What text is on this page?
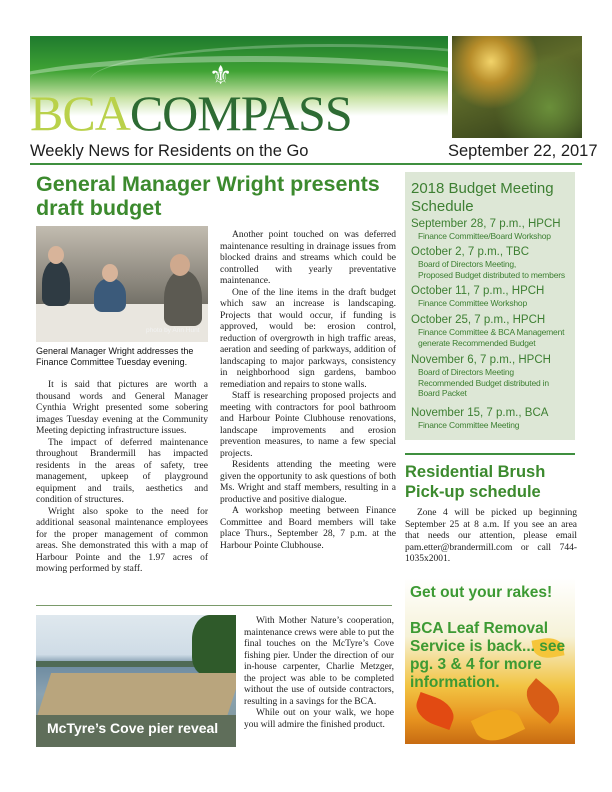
BCACOMPASS
⚜
Weekly News for Residents on the Go	September 22, 2017
General Manager Wright presents draft budget
photo by Ann Hunt
General Manager Wright addresses the Finance Committee Tuesday evening.

It is said that pictures are worth a thousand words and General Manager Cynthia Wright presented some sobering images Tuesday evening at the Community Meeting depicting infrastructure issues.

The impact of deferred maintenance throughout Brandermill has impacted residents in the areas of safety, tree management, upkeep of playground equipment and trails, aesthetics and condition of structures.

Wright also spoke to the need for additional seasonal maintenance employees for the proper management of common areas. She demonstrated this with a map of Harbour Pointe and the 1.97 acres of mowing performed by staff.

Another point touched on was deferred maintenance resulting in drainage issues from blocked drains and streams which could be controlled with yearly preventative maintenance.

One of the line items in the draft budget which saw an increase is landscaping. Projects that would occur, if funding is approved, would be: erosion control, reduction of overgrowth in high traffic areas, aeration and seeding of parkways, addition of landscaping to major parkways, consistency in neighborhood sign gardens, bamboo remediation and repairs to stone walls.

Staff is researching proposed projects and meeting with contractors for pool bathroom and Harbour Pointe Clubhouse renovations, landscape improvements and erosion prevention measures, to name a few special projects.

Residents attending the meeting were given the opportunity to ask questions of both Ms. Wright and staff members, resulting in a productive and positive dialogue.

A workshop meeting between Finance Committee and Board members will take place Thurs., September 28, 7 p.m. at the Harbour Pointe Clubhouse.

McTyre’s Cove pier reveal

With Mother Nature’s cooperation, maintenance crews were able to put the final touches on the McTyre’s Cove fishing pier. Under the direction of our in-house carpenter, Charlie Metzger, the project was able to be completed without the use of outside contractors, resulting in a savings for the BCA.

While out on your walk, we hope you will admire the finished product.

2018 Budget Meeting Schedule
September 28, 7 p.m., HPCH
Finance Committee/Board Workshop
October 2, 7 p.m., TBC
Board of Directors Meeting,
Proposed Budget distributed to members
October 11, 7 p.m., HPCH
Finance Committee Workshop
October 25, 7 p.m., HPCH
Finance Committee & BCA Management
generate Recommended Budget
November 6, 7 p.m., HPCH
Board of Directors Meeting
Recommended Budget distributed in
Board Packet
November 15, 7 p.m., BCA
Finance Committee Meeting
Residential Brush Pick-up schedule

Zone 4 will be picked up beginning September 25 at 8 a.m. If you see an area that needs our attention, please email pam.etter@brandermill.com or call 744-1035x2001.

Get out your rakes!
BCA Leaf Removal Service is back... see pg. 3 & 4 for more information.
